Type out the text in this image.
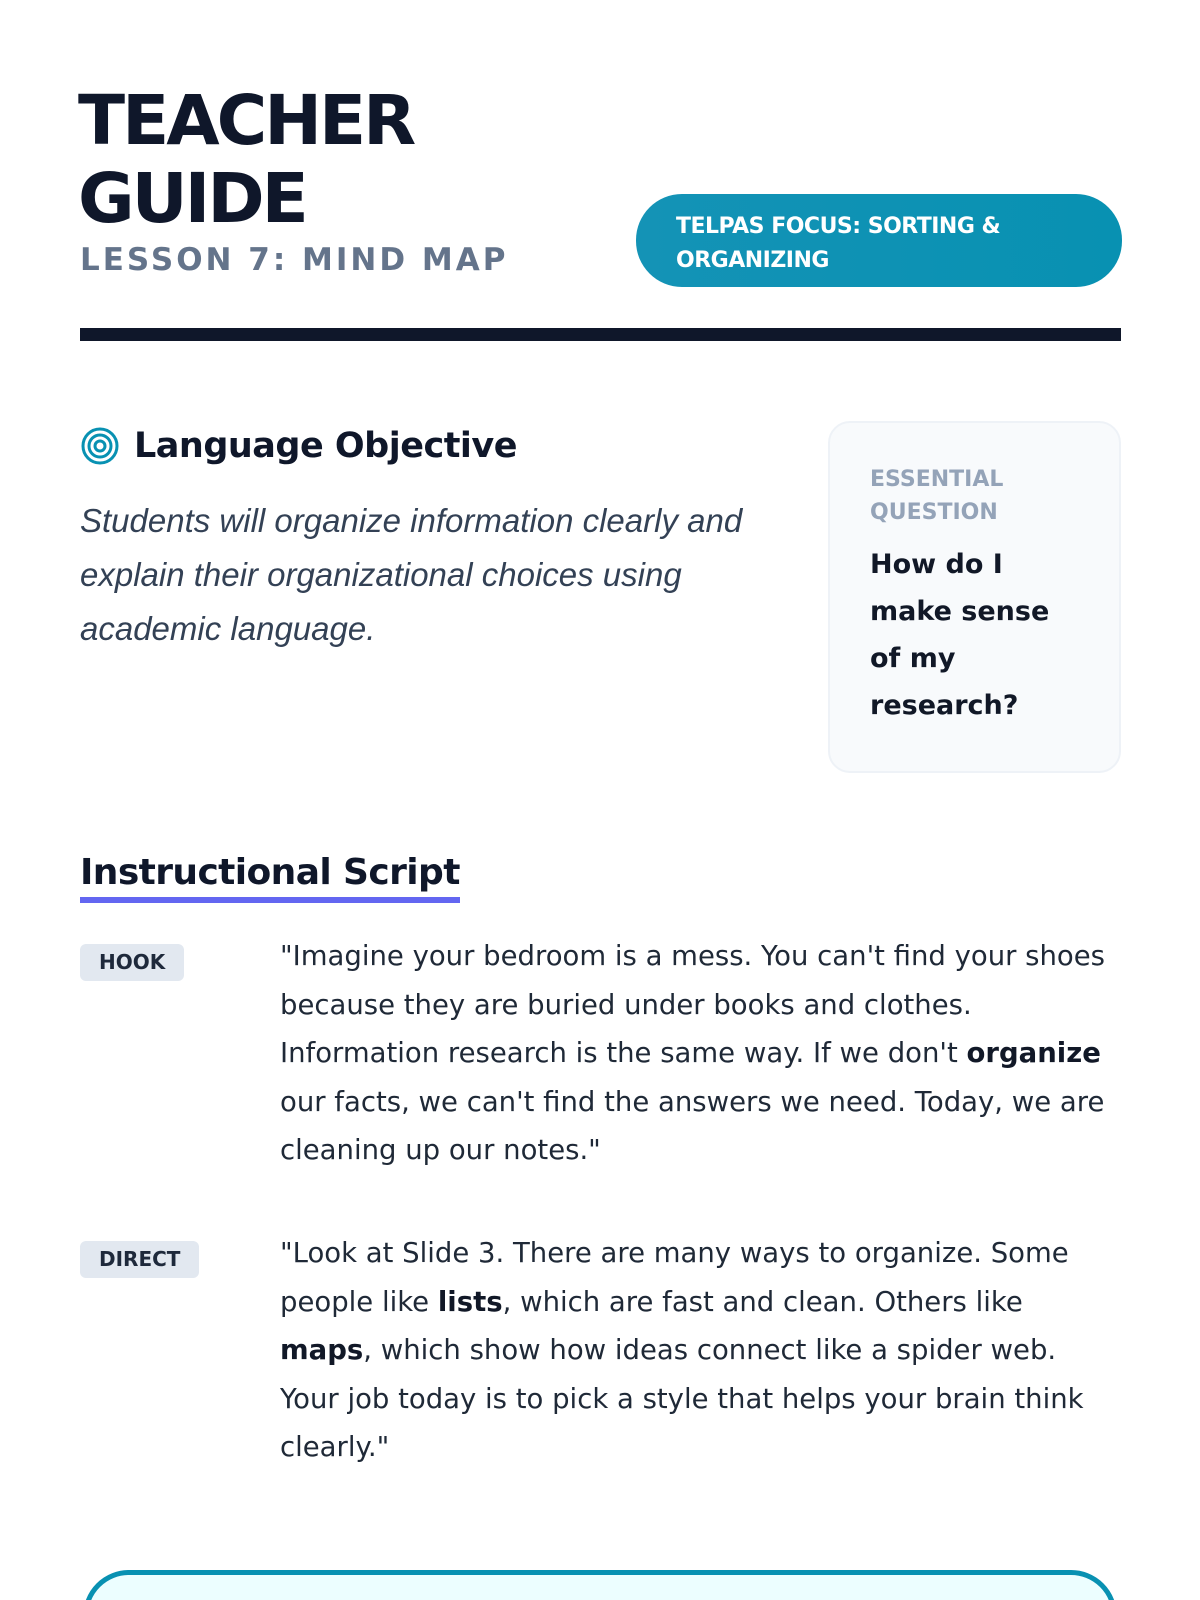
TEACHER
GUIDE
LESSON 7: MIND MAP
TELPAS FOCUS: SORTING &
ORGANIZING
Language Objective

Students will organize information clearly and explain their organizational choices using academic language.

ESSENTIAL
QUESTION
How do I make sense of my research?
Instructional Script
HOOK	"Imagine your bedroom is a mess. You can't find your shoes because they are buried under books and clothes. Information research is the same way. If we don't organize our facts, we can't find the answers we need. Today, we are cleaning up our notes."

DIRECT	"Look at Slide 3. There are many ways to organize. Some people like lists, which are fast and clean. Others like maps, which show how ideas connect like a spider web. Your job today is to pick a style that helps your brain think clearly."
